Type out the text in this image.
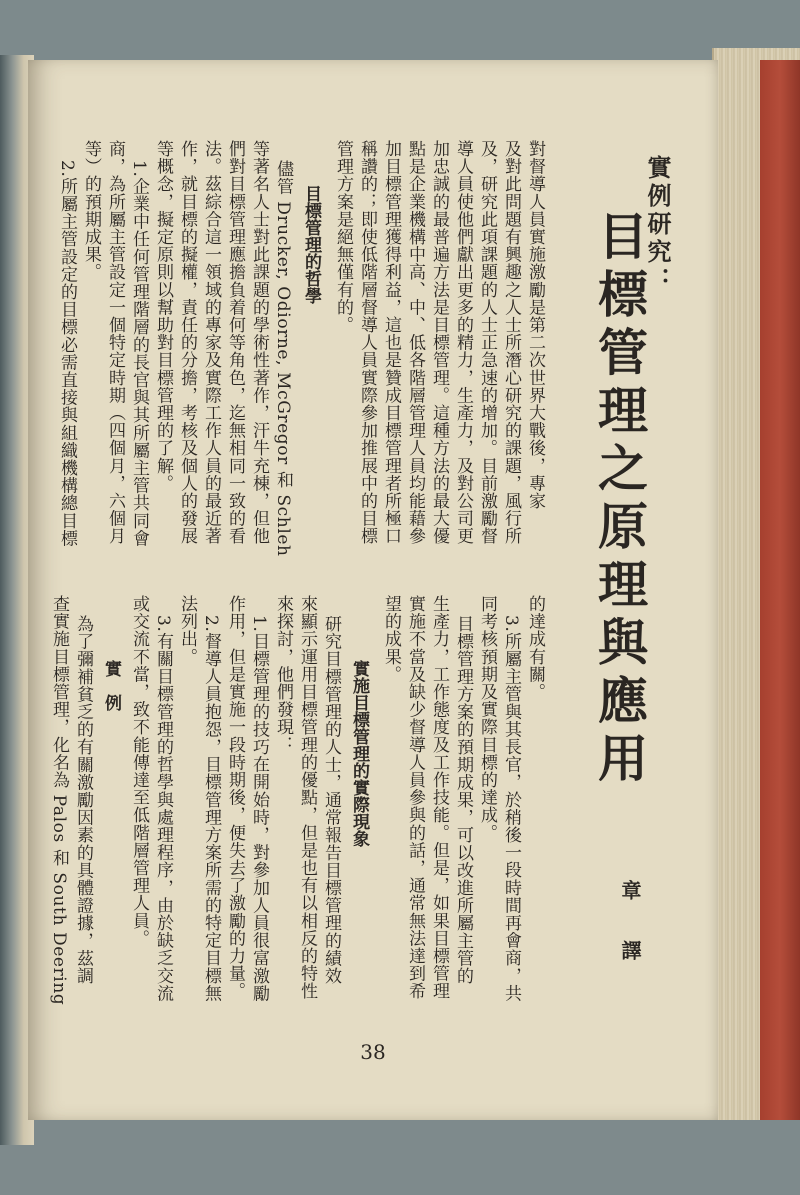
實例研究：
目標管理之原理與應用
章　譯
對督導人員實施激勵是第二次世界大戰後，專家
及對此問題有興趣之人士所潛心研究的課題，風行所
及，研究此項課題的人士正急速的增加。目前激勵督
導人員使他們獻出更多的精力，生產力，及對公司更
加忠誠的最普遍方法是目標管理。這種方法的最大優
點是企業機構中高、中、低各階層管理人員均能藉參
加目標管理獲得利益，這也是贊成目標管理者所極口
稱讚的；即使低階層督導人員實際參加推展中的目標
管理方案是絕無僅有的。
目標管理的哲學
儘管 Drucker, Odiorne, McGregor 和 Schleh
等著名人士對此課題的學術性著作，汗牛充棟，但他
們對目標管理應擔負着何等角色，迄無相同一致的看
法。茲綜合這一領域的專家及實際工作人員的最近著
作，就目標的擬權，責任的分擔，考核及個人的發展
等概念，擬定原則以幫助對目標管理的了解。
1.企業中任何管理階層的長官與其所屬主管共同會
商，為所屬主管設定一個特定時期（四個月，六個月
等）的預期成果。
2.所屬主管設定的目標必需直接與組織機構總目標
的達成有關。
3.所屬主管與其長官，於稍後一段時間再會商，共
同考核預期及實際目標的達成。
目標管理方案的預期成果，可以改進所屬主管的
生產力，工作態度及工作技能。但是，如果目標管理
實施不當及缺少督導人員參與的話，通常無法達到希
望的成果。
實施目標管理的實際現象
研究目標管理的人士，通常報告目標管理的績效
來顯示運用目標管理的優點，但是也有以相反的特性
來探討，他們發現：
1.目標管理的技巧在開始時，對參加人員很富激勵
作用，但是實施一段時期後，便失去了激勵的力量。
2.督導人員抱怨，目標管理方案所需的特定目標無
法列出。
3.有關目標管理的哲學與處理程序，由於缺乏交流
或交流不當，致不能傳達至低階層管理人員。
實　例
為了彌補貧乏的有關激勵因素的具體證據，茲調
查實施目標管理，化名為 Palos 和 South Deering
38
